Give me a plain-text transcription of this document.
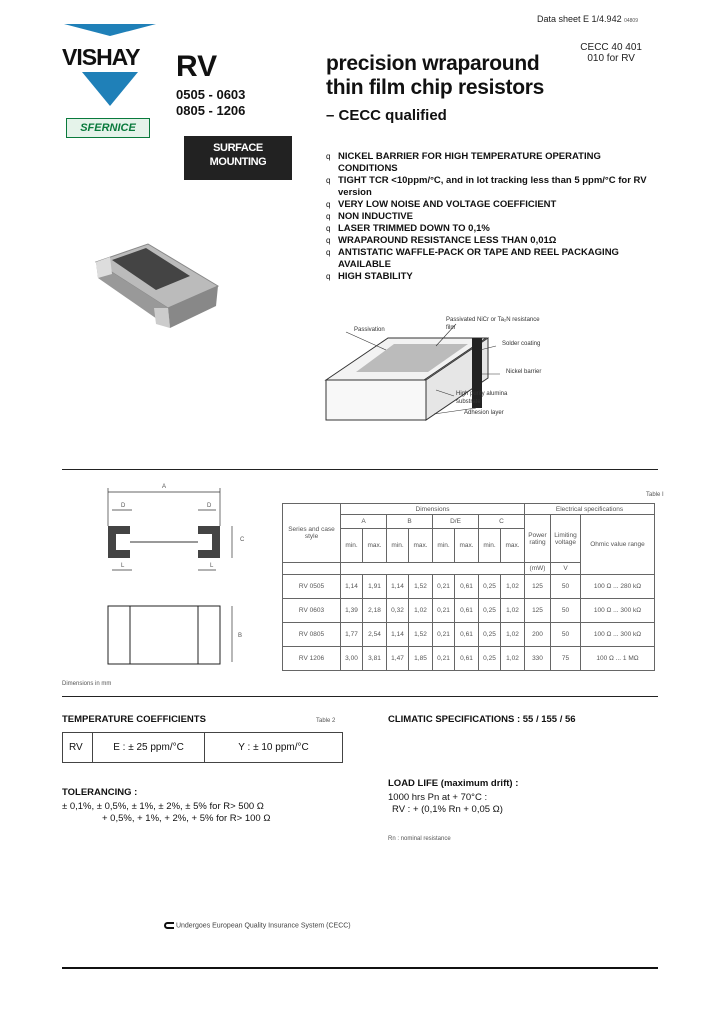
Data sheet E 1/4.942 04809
CECC 40 401
010 for RV
VISHAY
SFERNICE
SURFACE
MOUNTING
RV
0505 - 0603
0805 - 1206
precision wraparound
thin film chip resistors
– CECC qualified
q NICKEL BARRIER FOR HIGH TEMPERATURE OPERATING CONDITIONS
q TIGHT TCR <10ppm/°C, and in lot tracking less than 5 ppm/°C for RV version
q VERY LOW NOISE AND VOLTAGE COEFFICIENT
q NON INDUCTIVE
q LASER TRIMMED DOWN TO 0,1%
q WRAPAROUND RESISTANCE LESS THAN 0,01Ω
q ANTISTATIC WAFFLE-PACK OR TAPE AND REEL PACKAGING AVAILABLE
q HIGH STABILITY
Passivated NiCr or Ta₂N resistance film
Passivation
Solder coating
Nickel barrier
High purity alumina substrate
Adhesion layer
A
D	D
C
L	L
B
Dimensions in mm
Table I
Series and case style	Dimensions								Electrical specifications		
	A		B		D/E		C		Power rating	Limiting voltage	Ohmic value range
	min.	max.	min.	max.	min.	max.	min.	max.			
									(mW)	V	
RV 0505	1,14	1,91	1,14	1,52	0,21	0,61	0,25	1,02	125	50	100 Ω ... 280 kΩ
RV 0603	1,39	2,18	0,32	1,02	0,21	0,61	0,25	1,02	125	50	100 Ω ... 300 kΩ
RV 0805	1,77	2,54	1,14	1,52	0,21	0,61	0,25	1,02	200	50	100 Ω ... 300 kΩ
RV 1206	3,00	3,81	1,47	1,85	0,21	0,61	0,25	1,02	330	75	100 Ω ... 1 MΩ
TEMPERATURE COEFFICIENTS	Table 2
RV	E : ± 25 ppm/°C	Y : ± 10 ppm/°C
TOLERANCING :
± 0,1%, ± 0,5%, ± 1%, ± 2%, ± 5% for R> 500 Ω
+ 0,5%, + 1%, + 2%, + 5% for R> 100 Ω
CLIMATIC SPECIFICATIONS : 55 / 155 / 56
LOAD LIFE (maximum drift) :
1000 hrs Pn at + 70°C :
RV : + (0,1% Rn + 0,05 Ω)
Rn : nominal resistance
Undergoes European Quality Insurance System (CECC)
